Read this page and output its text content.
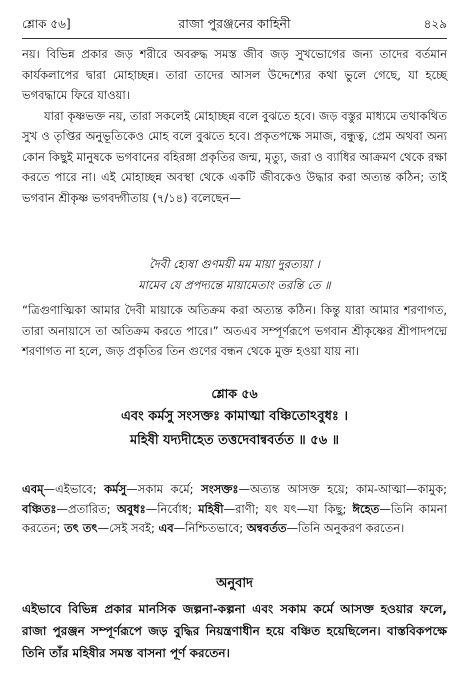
শ্লোক ৫৬]	রাজা পুরঞ্জনের কাহিনী	৪২৯

নয়। বিভিন্ন প্রকার জড় শরীরে অবরুদ্ধ সমস্ত জীব জড় সুখভোগের জন্য তাদের বর্তমান কার্যকলাপের দ্বারা মোহাচ্ছন্ন। তারা তাদের আসল উদ্দেশ্যের কথা ভুলে গেছে, যা হচ্ছে ভগবদ্ধামে ফিরে যাওয়া।

যারা কৃষ্ণভক্ত নয়, তারা সকলেই মোহাচ্ছন্ন বলে বুঝতে হবে। জড় বস্তুর মাধ্যমে তথাকথিত সুখ ও তৃপ্তির অনুভূতিকেও মোহ বলে বুঝতে হবে। প্রকৃতপক্ষে সমাজ, বন্ধুত্ব, প্রেম অথবা অন্য কোন কিছুই মানুষকে ভগবানের বহিরঙ্গা প্রকৃতির জন্ম, মৃত্যু, জরা ও ব্যাধির আক্রমণ থেকে রক্ষা করতে পারে না। এই মোহাচ্ছন্ন অবস্থা থেকে একটি জীবকেও উদ্ধার করা অত্যন্ত কঠিন; তাই ভগবান শ্রীকৃষ্ণ ভগবদ্গীতায় (৭/১৪) বলেছেন—

দৈবী হ্যেষা গুণময়ী মম মায়া দুরত্যয়া ।
মামেব যে প্রপদ্যন্তে মায়ামেতাং তরন্তি তে ॥

“ত্রিগুণাত্মিকা আমার দৈবী মায়াকে অতিক্রম করা অত্যন্ত কঠিন। কিন্তু যারা আমার শরণাগত, তারা অনায়াসে তা অতিক্রম করতে পারে।” অতএব সম্পূর্ণরূপে ভগবান শ্রীকৃষ্ণের শ্রীপাদপদ্মে শরণাগত না হলে, জড় প্রকৃতির তিন গুণের বন্ধন থেকে মুক্ত হওয়া যায় না।

শ্লোক ৫৬
এবং কর্মসু সংসক্তঃ কামাত্মা বঞ্চিতোঽবুধঃ ।
মহিষী যদ্যদীহেত তত্তদেবান্ববর্তত ॥ ৫৬ ॥

এবম্—এইভাবে; কর্মসু—সকাম কর্মে; সংসক্তঃ—অত্যন্ত আসক্ত হয়ে; কাম-আত্মা—কামুক; বঞ্চিতঃ—প্রতারিত; অবুধঃ—নির্বোধ; মহিষী—রাণী; যৎ যৎ—যা কিছু; ঈহেত—তিনি কামনা করতেন; তৎ তৎ—সেই সবই; এব—নিশ্চিতভাবে; অন্ববর্তত—তিনি অনুকরণ করতেন।

অনুবাদ

এইভাবে বিভিন্ন প্রকার মানসিক জল্পনা-কল্পনা এবং সকাম কর্মে আসক্ত হওয়ার ফলে, রাজা পুরঞ্জন সম্পূর্ণরূপে জড় বুদ্ধির নিয়ন্ত্রণাধীন হয়ে বঞ্চিত হয়েছিলেন। বাস্তবিকপক্ষে তিনি তাঁর মহিষীর সমস্ত বাসনা পূর্ণ করতেন।
